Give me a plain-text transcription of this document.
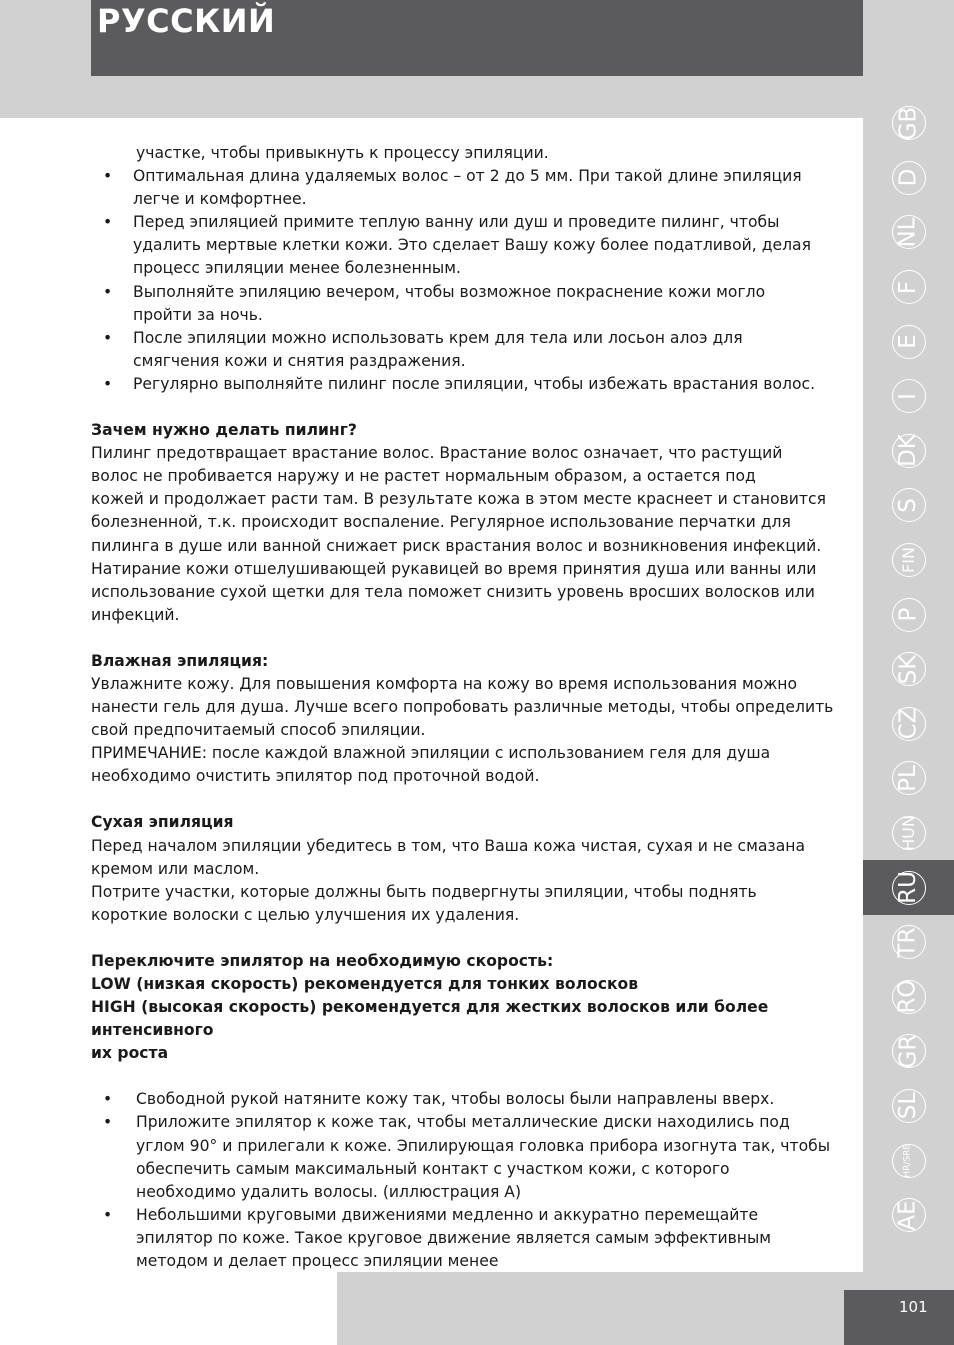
РУССКИЙ

участке, чтобы привыкнуть к процессу эпиляции.

• Оптимальная длина удаляемых волос – от 2 до 5 мм. При такой длине эпиляция
легче и комфортнее.
• Перед эпиляцией примите теплую ванну или душ и проведите пилинг, чтобы
удалить мертвые клетки кожи. Это сделает Вашу кожу более податливой, делая
процесс эпиляции менее болезненным.
• Выполняйте эпиляцию вечером, чтобы возможное покраснение кожи могло
пройти за ночь.
• После эпиляции можно использовать крем для тела или лосьон алоэ для
смягчения кожи и снятия раздражения.
• Регулярно выполняйте пилинг после эпиляции, чтобы избежать врастания волос.

Зачем нужно делать пилинг?

Пилинг предотвращает врастание волос. Врастание волос означает, что растущий

волос не пробивается наружу и не растет нормальным образом, а остается под

кожей и продолжает расти там. В результате кожа в этом месте краснеет и становится

болезненной, т.к. происходит воспаление. Регулярное использование перчатки для

пилинга в душе или ванной снижает риск врастания волос и возникновения инфекций.

Натирание кожи отшелушивающей рукавицей во время принятия душа или ванны или

использование сухой щетки для тела поможет снизить уровень вросших волосков или

инфекций.

Влажная эпиляция:

Увлажните кожу. Для повышения комфорта на кожу во время использования можно

нанести гель для душа. Лучше всего попробовать различные методы, чтобы определить

свой предпочитаемый способ эпиляции.

ПРИМЕЧАНИЕ: после каждой влажной эпиляции с использованием геля для душа

необходимо очистить эпилятор под проточной водой.

Сухая эпиляция

Перед началом эпиляции убедитесь в том, что Ваша кожа чистая, сухая и не смазана

кремом или маслом.

Потрите участки, которые должны быть подвергнуты эпиляции, чтобы поднять

короткие волоски с целью улучшения их удаления.

Переключите эпилятор на необходимую скорость:

LOW (низкая скорость) рекомендуется для тонких волосков

HIGH (высокая скорость) рекомендуется для жестких волосков или более интенсивного

их роста

• Свободной рукой натяните кожу так, чтобы волосы были направлены вверх.
• Приложите эпилятор к коже так, чтобы металлические диски находились под
углом 90° и прилегали к коже. Эпилирующая головка прибора изогнута так, чтобы
обеспечить самым максимальный контакт с участком кожи, с которого
необходимо удалить волосы. (иллюстрация A)
• Небольшими круговыми движениями медленно и аккуратно перемещайте
эпилятор по коже. Такое круговое движение является самым эффективным
методом и делает процесс эпиляции менее
101
GB
D
NL
F
E
I
DK
S
FIN
P
SK
CZ
PL
HUN
RU
TR
RO
GR
SL
HR/SRB
AE
